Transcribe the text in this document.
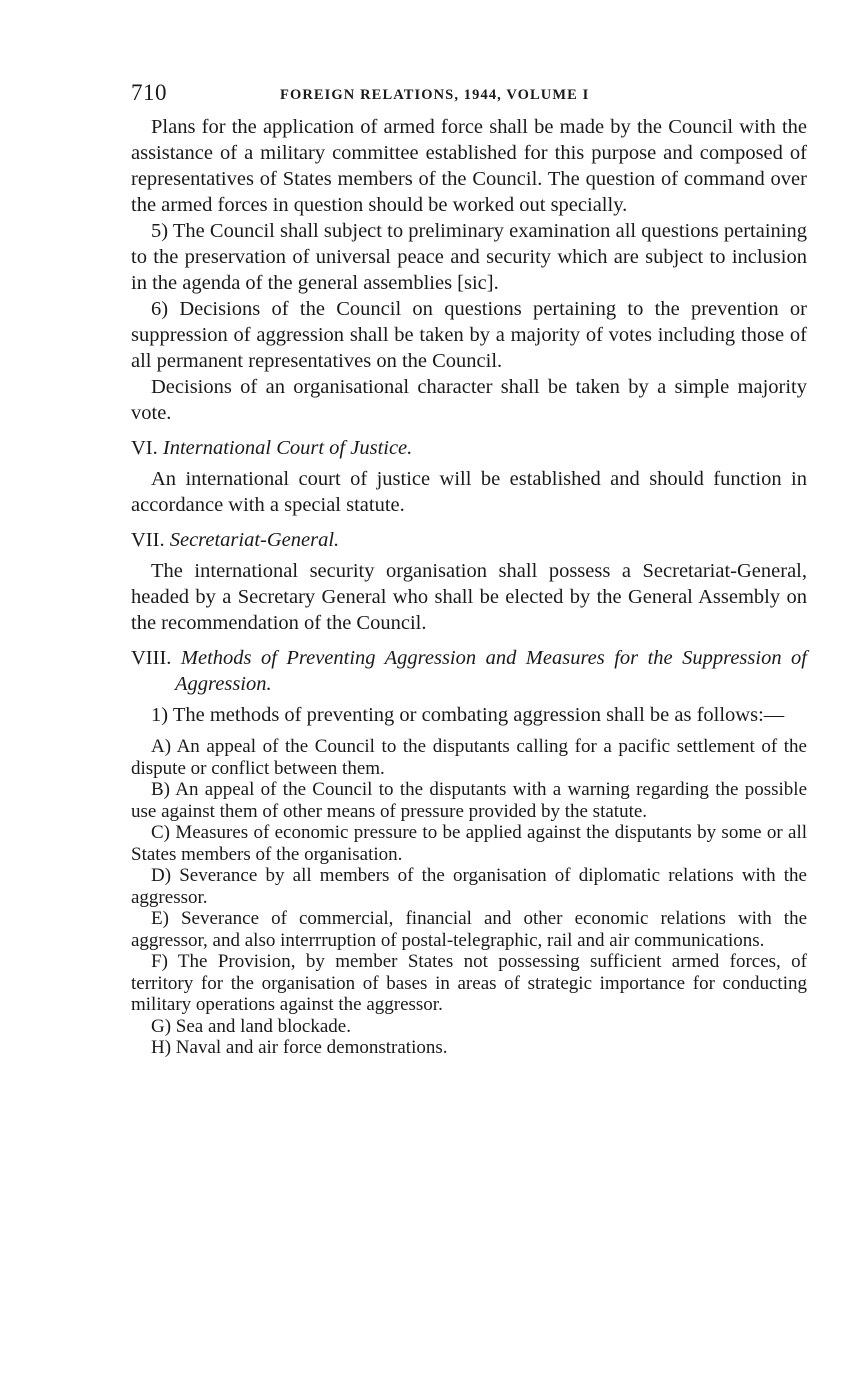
710	FOREIGN RELATIONS, 1944, VOLUME I

Plans for the application of armed force shall be made by the Council with the assistance of a military committee established for this purpose and composed of representatives of States members of the Council. The question of command over the armed forces in question should be worked out specially.

5) The Council shall subject to preliminary examination all questions pertaining to the preservation of universal peace and security which are subject to inclusion in the agenda of the general assemblies [sic].

6) Decisions of the Council on questions pertaining to the prevention or suppression of aggression shall be taken by a majority of votes including those of all permanent representatives on the Council.

Decisions of an organisational character shall be taken by a simple majority vote.

VI. International Court of Justice.

An international court of justice will be established and should function in accordance with a special statute.

VII. Secretariat-General.

The international security organisation shall possess a Secretariat-General, headed by a Secretary General who shall be elected by the General Assembly on the recommendation of the Council.

VIII. Methods of Preventing Aggression and Measures for the Suppression of Aggression.

1) The methods of preventing or combating aggression shall be as follows:—

A) An appeal of the Council to the disputants calling for a pacific settlement of the dispute or conflict between them.

B) An appeal of the Council to the disputants with a warning regarding the possible use against them of other means of pressure provided by the statute.

C) Measures of economic pressure to be applied against the disputants by some or all States members of the organisation.

D) Severance by all members of the organisation of diplomatic relations with the aggressor.

E) Severance of commercial, financial and other economic relations with the aggressor, and also interrruption of postal-telegraphic, rail and air communications.

F) The Provision, by member States not possessing sufficient armed forces, of territory for the organisation of bases in areas of strategic importance for conducting military operations against the aggressor.

G) Sea and land blockade.

H) Naval and air force demonstrations.
